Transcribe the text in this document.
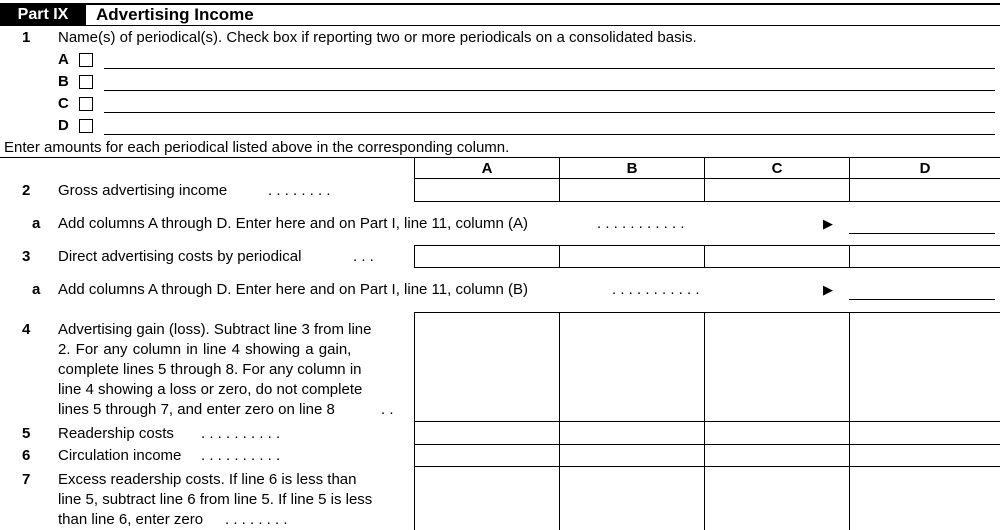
Part IX	Advertising Income
1 Name(s) of periodical(s). Check box if reporting two or more periodicals on a consolidated basis.
A
B
C
D
Enter amounts for each periodical listed above in the corresponding column.
A	B	C	D
2 Gross advertising income	. . . . . . . .
a Add columns A through D. Enter here and on Part I, line 11, column (A)	. . . . . . . . . . .	▶
3 Direct advertising costs by periodical	. . .
a Add columns A through D. Enter here and on Part I, line 11, column (B)	. . . . . . . . . . .	▶
4 Advertising gain (loss). Subtract line 3 from line
2. For any column in line 4 showing a gain,
complete lines 5 through 8. For any column in
line 4 showing a loss or zero, do not complete
lines 5 through 7, and enter zero on line 8	. .
5 Readership costs . . . . . . . . . .
6 Circulation income . . . . . . . . . .
7 Excess readership costs. If line 6 is less than
line 5, subtract line 6 from line 5. If line 5 is less
than line 6, enter zero . . . . . . . .
